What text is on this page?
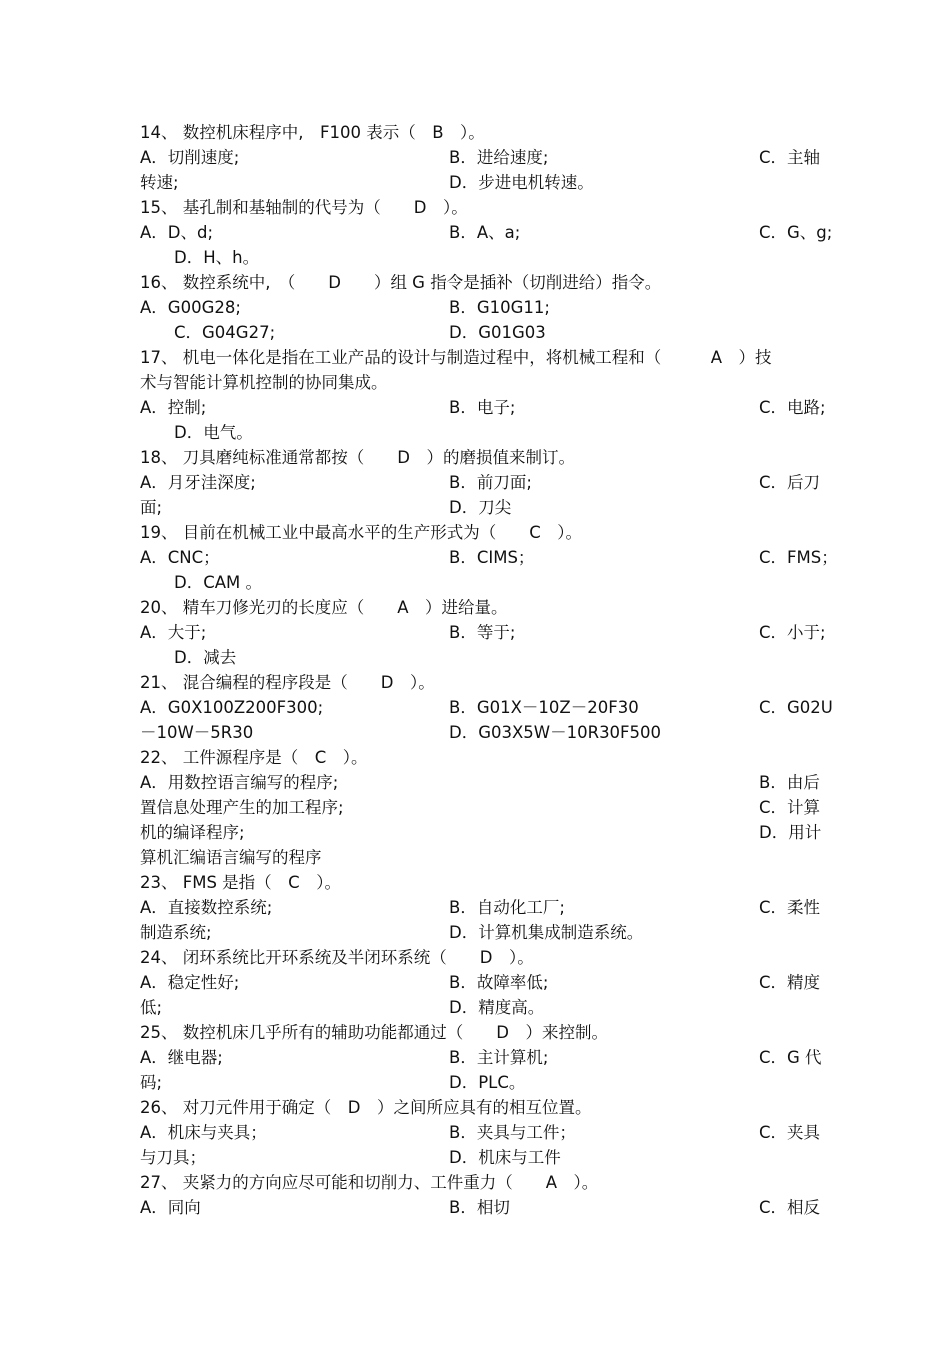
14、 数控机床程序中,　F100 表示（　B　）。

A．切削速度;

	B．进给速度;

	C．主轴

转速;

	D．步进电机转速。

15、 基孔制和基轴制的代号为（　　D　）。

A．D、d;

	B．A、a;

	C．G、g;

D．H、h。

16、 数控系统中,　（　　D　　）组 G 指令是插补（切削进给）指令。

A．G00G28;

	B．G10G11;

C．G04G27;

	D．G01G03

17、 机电一体化是指在工业产品的设计与制造过程中，将机械工程和（　　　A　）技
术与智能计算机控制的协同集成。

A．控制;

	B．电子;

	C．电路;

D．电气。

18、 刀具磨纯标准通常都按（　　D　）的磨损值来制订。

A．月牙洼深度;

	B．前刀面;

	C．后刀

面;

	D．刀尖

19、 目前在机械工业中最高水平的生产形式为（　　C　）。

A．CNC；

	B．CIMS；

	C．FMS；

D．CAM 。

20、 精车刀修光刃的长度应（　　A　）进给量。

A．大于;

	B．等于;

	C．小于;

D．减去

21、 混合编程的程序段是（　　D　）。

A．G0X100Z200F300;

	B．G01X－10Z－20F30

	C．G02U

－10W－5R30

	D．G03X5W－10R30F500

22、 工件源程序是（　C　）。

A．用数控语言编写的程序;

	B．由后

置信息处理产生的加工程序;

	C．计算

机的编译程序;

	D．用计

算机汇编语言编写的程序

23、 FMS 是指（　C　）。

A．直接数控系统;

	B．自动化工厂;

	C．柔性

制造系统;

	D．计算机集成制造系统。

24、 闭环系统比开环系统及半闭环系统（　　D　）。

A．稳定性好;

	B．故障率低;

	C．精度

低;

	D．精度高。

25、 数控机床几乎所有的辅助功能都通过（　　D　）来控制。

A．继电器;

	B．主计算机;

	C．G 代

码;

	D．PLC。

26、 对刀元件用于确定（　D　）之间所应具有的相互位置。

A．机床与夹具；

	B．夹具与工件；

	C．夹具

与刀具；

	D．机床与工件

27、 夹紧力的方向应尽可能和切削力、工件重力（　　A　）。

A．同向

	B．相切

	C．相反
